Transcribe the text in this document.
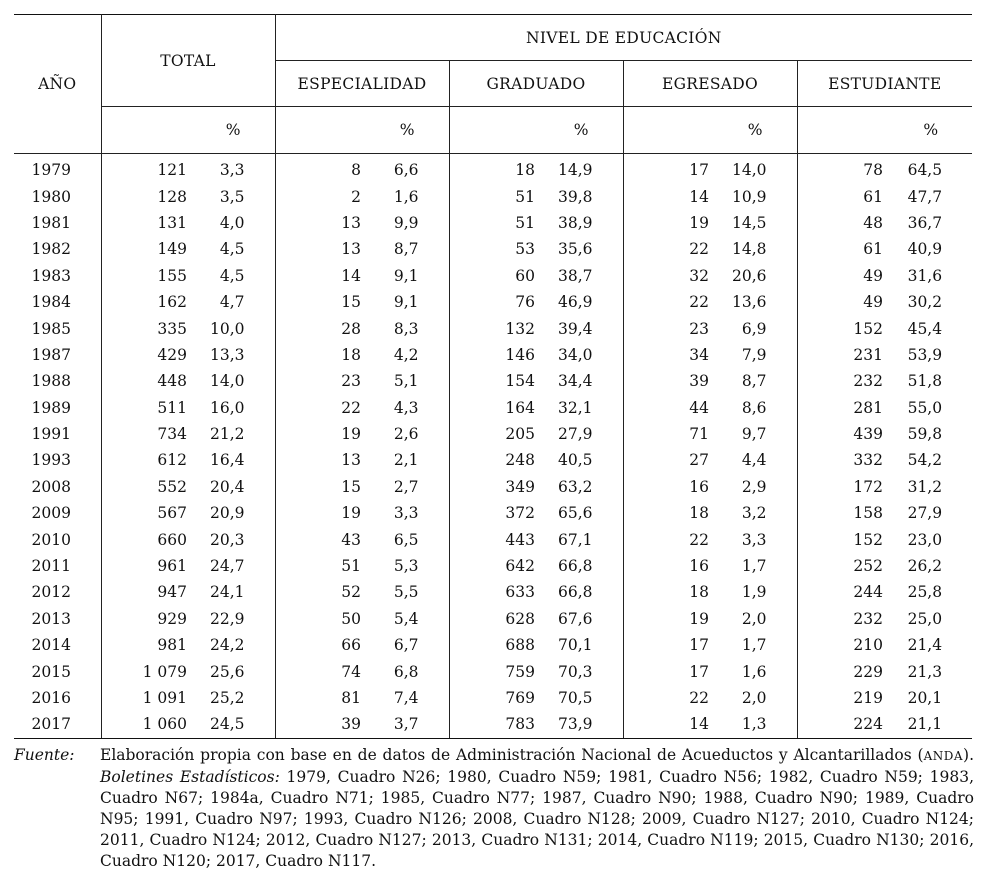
AÑO	TOTAL		NIVEL DE EDUCACIÓN							
			ESPECIALIDAD		GRADUADO		EGRESADO		ESTUDIANTE	
		%		%		%		%		%
1979	121	3,3	8	6,6	18	14,9	17	14,0	78	64,5
1980	128	3,5	2	1,6	51	39,8	14	10,9	61	47,7
1981	131	4,0	13	9,9	51	38,9	19	14,5	48	36,7
1982	149	4,5	13	8,7	53	35,6	22	14,8	61	40,9
1983	155	4,5	14	9,1	60	38,7	32	20,6	49	31,6
1984	162	4,7	15	9,1	76	46,9	22	13,6	49	30,2
1985	335	10,0	28	8,3	132	39,4	23	6,9	152	45,4
1987	429	13,3	18	4,2	146	34,0	34	7,9	231	53,9
1988	448	14,0	23	5,1	154	34,4	39	8,7	232	51,8
1989	511	16,0	22	4,3	164	32,1	44	8,6	281	55,0
1991	734	21,2	19	2,6	205	27,9	71	9,7	439	59,8
1993	612	16,4	13	2,1	248	40,5	27	4,4	332	54,2
2008	552	20,4	15	2,7	349	63,2	16	2,9	172	31,2
2009	567	20,9	19	3,3	372	65,6	18	3,2	158	27,9
2010	660	20,3	43	6,5	443	67,1	22	3,3	152	23,0
2011	961	24,7	51	5,3	642	66,8	16	1,7	252	26,2
2012	947	24,1	52	5,5	633	66,8	18	1,9	244	25,8
2013	929	22,9	50	5,4	628	67,6	19	2,0	232	25,0
2014	981	24,2	66	6,7	688	70,1	17	1,7	210	21,4
2015	1 079	25,6	74	6,8	759	70,3	17	1,6	229	21,3
2016	1 091	25,2	81	7,4	769	70,5	22	2,0	219	20,1
2017	1 060	24,5	39	3,7	783	73,9	14	1,3	224	21,1
Fuente: Elaboración propia con base en de datos de Administración Nacional de Acueductos y Alcantarillados (ANDA). Boletines Estadísticos: 1979, Cuadro N26; 1980, Cuadro N59; 1981, Cuadro N56; 1982, Cuadro N59; 1983, Cuadro N67; 1984a, Cuadro N71; 1985, Cuadro N77; 1987, Cuadro N90; 1988, Cuadro N90; 1989, Cuadro N95; 1991, Cuadro N97; 1993, Cuadro N126; 2008, Cuadro N128; 2009, Cuadro N127; 2010, Cuadro N124; 2011, Cuadro N124; 2012, Cuadro N127; 2013, Cuadro N131; 2014, Cuadro N119; 2015, Cuadro N130; 2016, Cuadro N120; 2017, Cuadro N117.
